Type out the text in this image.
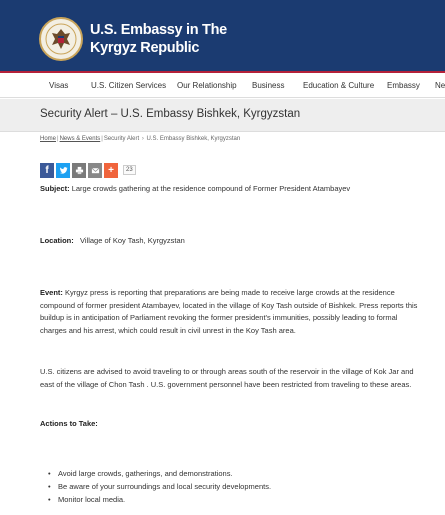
U.S. Embassy in The
Kyrgyz Republic
Visas	U.S. Citizen Services Our Relationship Business Education & Culture Embassy Ne
Security Alert – U.S. Embassy Bishkek, Kyrgyzstan
Home|News & Events|Security Alert › U.S. Embassy Bishkek, Kyrgyzstan
f	+	23
Subject: Large crowds gathering at the residence compound of Former President Atambayev
Location: Village of Koy Tash, Kyrgyzstan
Event: Kyrgyz press is reporting that preparations are being made to receive large crowds at the residence compound of former president Atambayev, located in the village of Koy Tash outside of Bishkek. Press reports this buildup is in anticipation of Parliament revoking the former president's immunities, possibly leading to formal charges and his arrest, which could result in civil unrest in the Koy Tash area.
U.S. citizens are advised to avoid traveling to or through areas south of the reservoir in the village of Kok Jar and east of the village of Chon Tash . U.S. government personnel have been restricted from traveling to these areas.
Actions to Take:
• Avoid large crowds, gatherings, and demonstrations.
• Be aware of your surroundings and local security developments.
• Monitor local media.
